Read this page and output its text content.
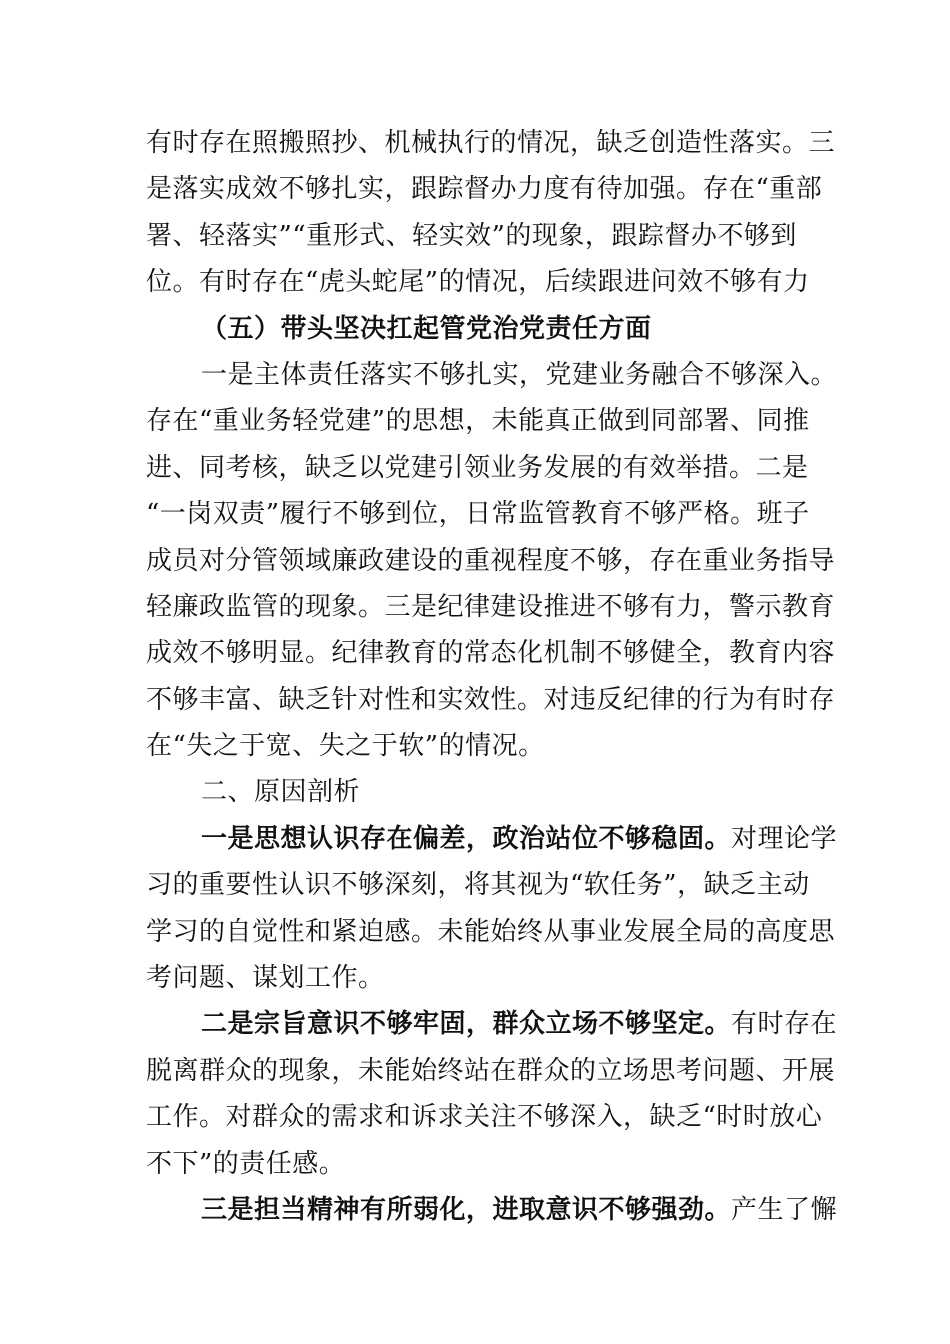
有时存在照搬照抄、机械执行的情况，缺乏创造性落实。三
是落实成效不够扎实，跟踪督办力度有待加强。存在“重部
署、轻落实”“重形式、轻实效”的现象，跟踪督办不够到
位。有时存在“虎头蛇尾”的情况，后续跟进问效不够有力
（五）带头坚决扛起管党治党责任方面
一是主体责任落实不够扎实，党建业务融合不够深入。
存在“重业务轻党建”的思想，未能真正做到同部署、同推
进、同考核，缺乏以党建引领业务发展的有效举措。二是
“一岗双责”履行不够到位，日常监管教育不够严格。班子
成员对分管领域廉政建设的重视程度不够，存在重业务指导
轻廉政监管的现象。三是纪律建设推进不够有力，警示教育
成效不够明显。纪律教育的常态化机制不够健全，教育内容
不够丰富、缺乏针对性和实效性。对违反纪律的行为有时存
在“失之于宽、失之于软”的情况。
二、原因剖析
一是思想认识存在偏差，政治站位不够稳固。对理论学
习的重要性认识不够深刻，将其视为“软任务”，缺乏主动
学习的自觉性和紧迫感。未能始终从事业发展全局的高度思
考问题、谋划工作。
二是宗旨意识不够牢固，群众立场不够坚定。有时存在
脱离群众的现象，未能始终站在群众的立场思考问题、开展
工作。对群众的需求和诉求关注不够深入，缺乏“时时放心
不下”的责任感。
三是担当精神有所弱化，进取意识不够强劲。产生了懈
